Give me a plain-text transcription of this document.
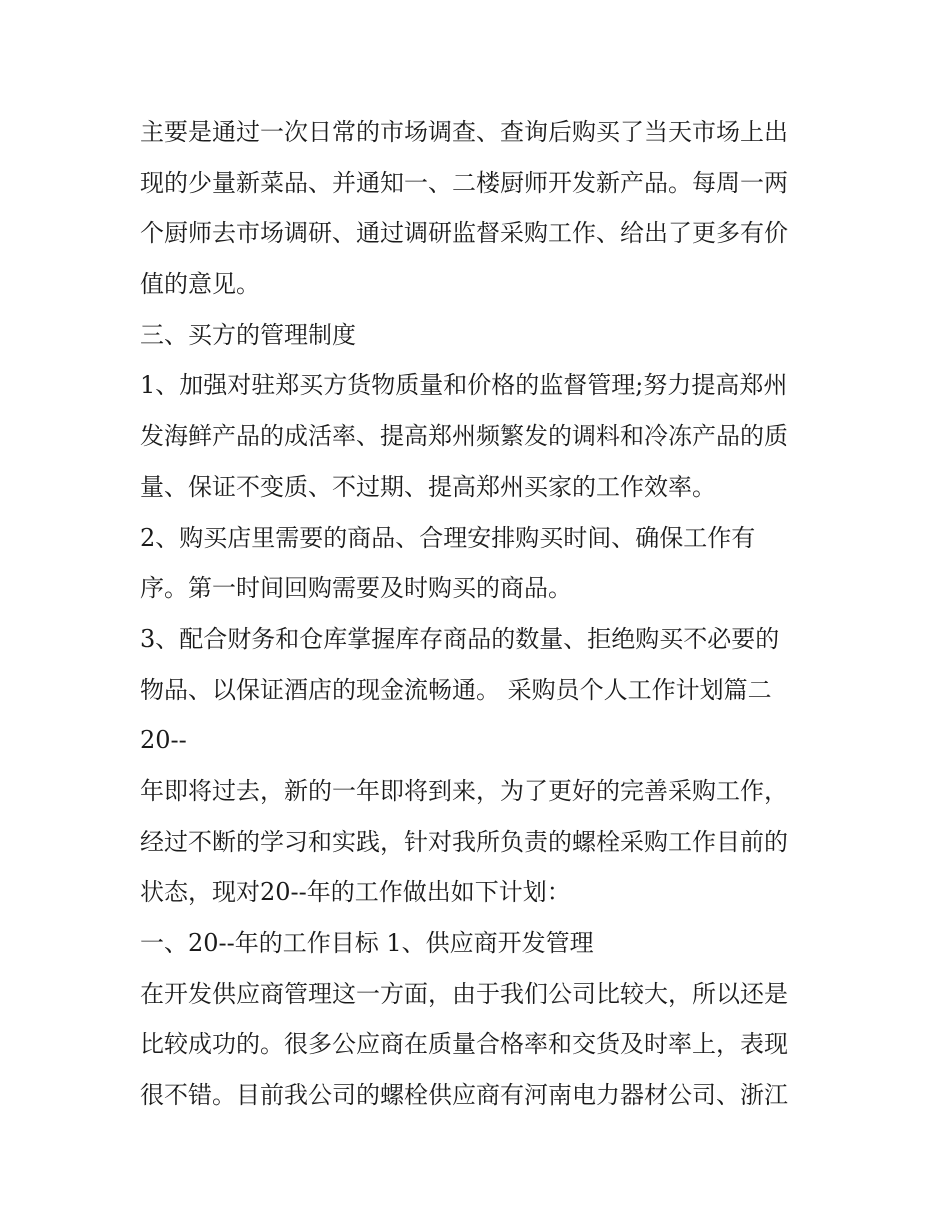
主要是通过一次日常的市场调查、查询后购买了当天市场上出
现的少量新菜品、并通知一、二楼厨师开发新产品。每周一两
个厨师去市场调研、通过调研监督采购工作、给出了更多有价
值的意见。
三、买方的管理制度
1、加强对驻郑买方货物质量和价格的监督管理;努力提高郑州
发海鲜产品的成活率、提高郑州频繁发的调料和冷冻产品的质
量、保证不变质、不过期、提高郑州买家的工作效率。
2、购买店里需要的商品、合理安排购买时间、确保工作有
序。第一时间回购需要及时购买的商品。
3、配合财务和仓库掌握库存商品的数量、拒绝购买不必要的
物品、以保证酒店的现金流畅通。 采购员个人工作计划篇二
20--
年即将过去，新的一年即将到来，为了更好的完善采购工作，
经过不断的学习和实践，针对我所负责的螺栓采购工作目前的
状态，现对20--年的工作做出如下计划：
一、20--年的工作目标 1、供应商开发管理
在开发供应商管理这一方面，由于我们公司比较大，所以还是
比较成功的。很多公应商在质量合格率和交货及时率上，表现
很不错。目前我公司的螺栓供应商有河南电力器材公司、浙江
